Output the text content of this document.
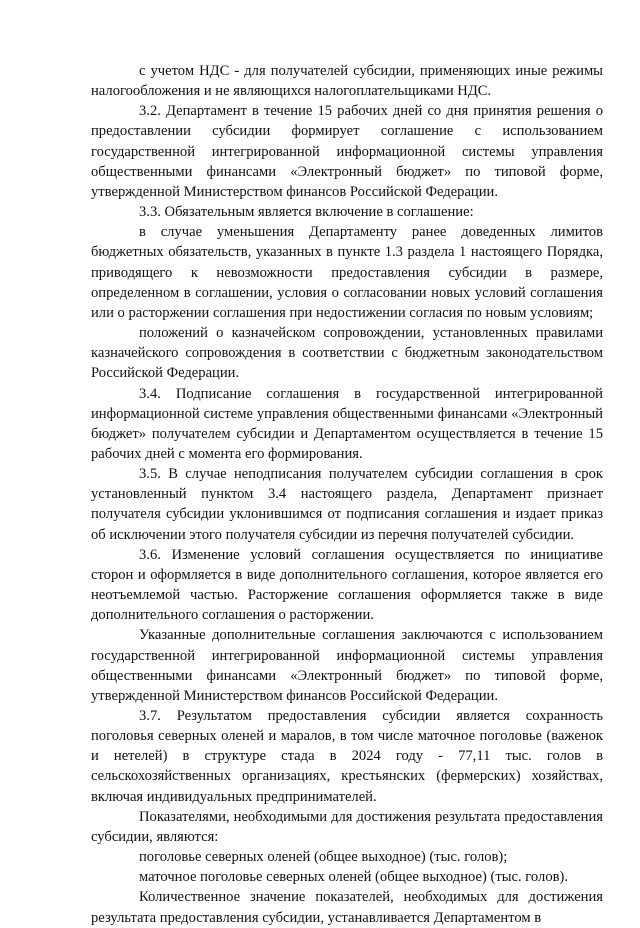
с учетом НДС - для получателей субсидии, применяющих иные режимы налогообложения и не являющихся налогоплательщиками НДС.

3.2. Департамент в течение 15 рабочих дней со дня принятия решения о предоставлении субсидии формирует соглашение с использованием государственной интегрированной информационной системы управления общественными финансами «Электронный бюджет» по типовой форме, утвержденной Министерством финансов Российской Федерации.

3.3. Обязательным является включение в соглашение:

в случае уменьшения Департаменту ранее доведенных лимитов бюджетных обязательств, указанных в пункте 1.3 раздела 1 настоящего Порядка, приводящего к невозможности предоставления субсидии в размере, определенном в соглашении, условия о согласовании новых условий соглашения или о расторжении соглашения при недостижении согласия по новым условиям;

положений о казначейском сопровождении, установленных правилами казначейского сопровождения в соответствии с бюджетным законодательством Российской Федерации.

3.4. Подписание соглашения в государственной интегрированной информационной системе управления общественными финансами «Электронный бюджет» получателем субсидии и Департаментом осуществляется в течение 15 рабочих дней с момента его формирования.

3.5. В случае неподписания получателем субсидии соглашения в срок установленный пунктом 3.4 настоящего раздела, Департамент признает получателя субсидии уклонившимся от подписания соглашения и издает приказ об исключении этого получателя субсидии из перечня получателей субсидии.

3.6. Изменение условий соглашения осуществляется по инициативе сторон и оформляется в виде дополнительного соглашения, которое является его неотъемлемой частью. Расторжение соглашения оформляется также в виде дополнительного соглашения о расторжении.

Указанные дополнительные соглашения заключаются с использованием государственной интегрированной информационной системы управления общественными финансами «Электронный бюджет» по типовой форме, утвержденной Министерством финансов Российской Федерации.

3.7. Результатом предоставления субсидии является сохранность поголовья северных оленей и маралов, в том числе маточное поголовье (важенок и нетелей) в структуре стада в 2024 году - 77,11 тыс. голов в сельскохозяйственных организациях, крестьянских (фермерских) хозяйствах, включая индивидуальных предпринимателей.

Показателями, необходимыми для достижения результата предоставления субсидии, являются:

поголовье северных оленей (общее выходное) (тыс. голов);

маточное поголовье северных оленей (общее выходное) (тыс. голов).

Количественное значение показателей, необходимых для достижения результата предоставления субсидии, устанавливается Департаментом в
